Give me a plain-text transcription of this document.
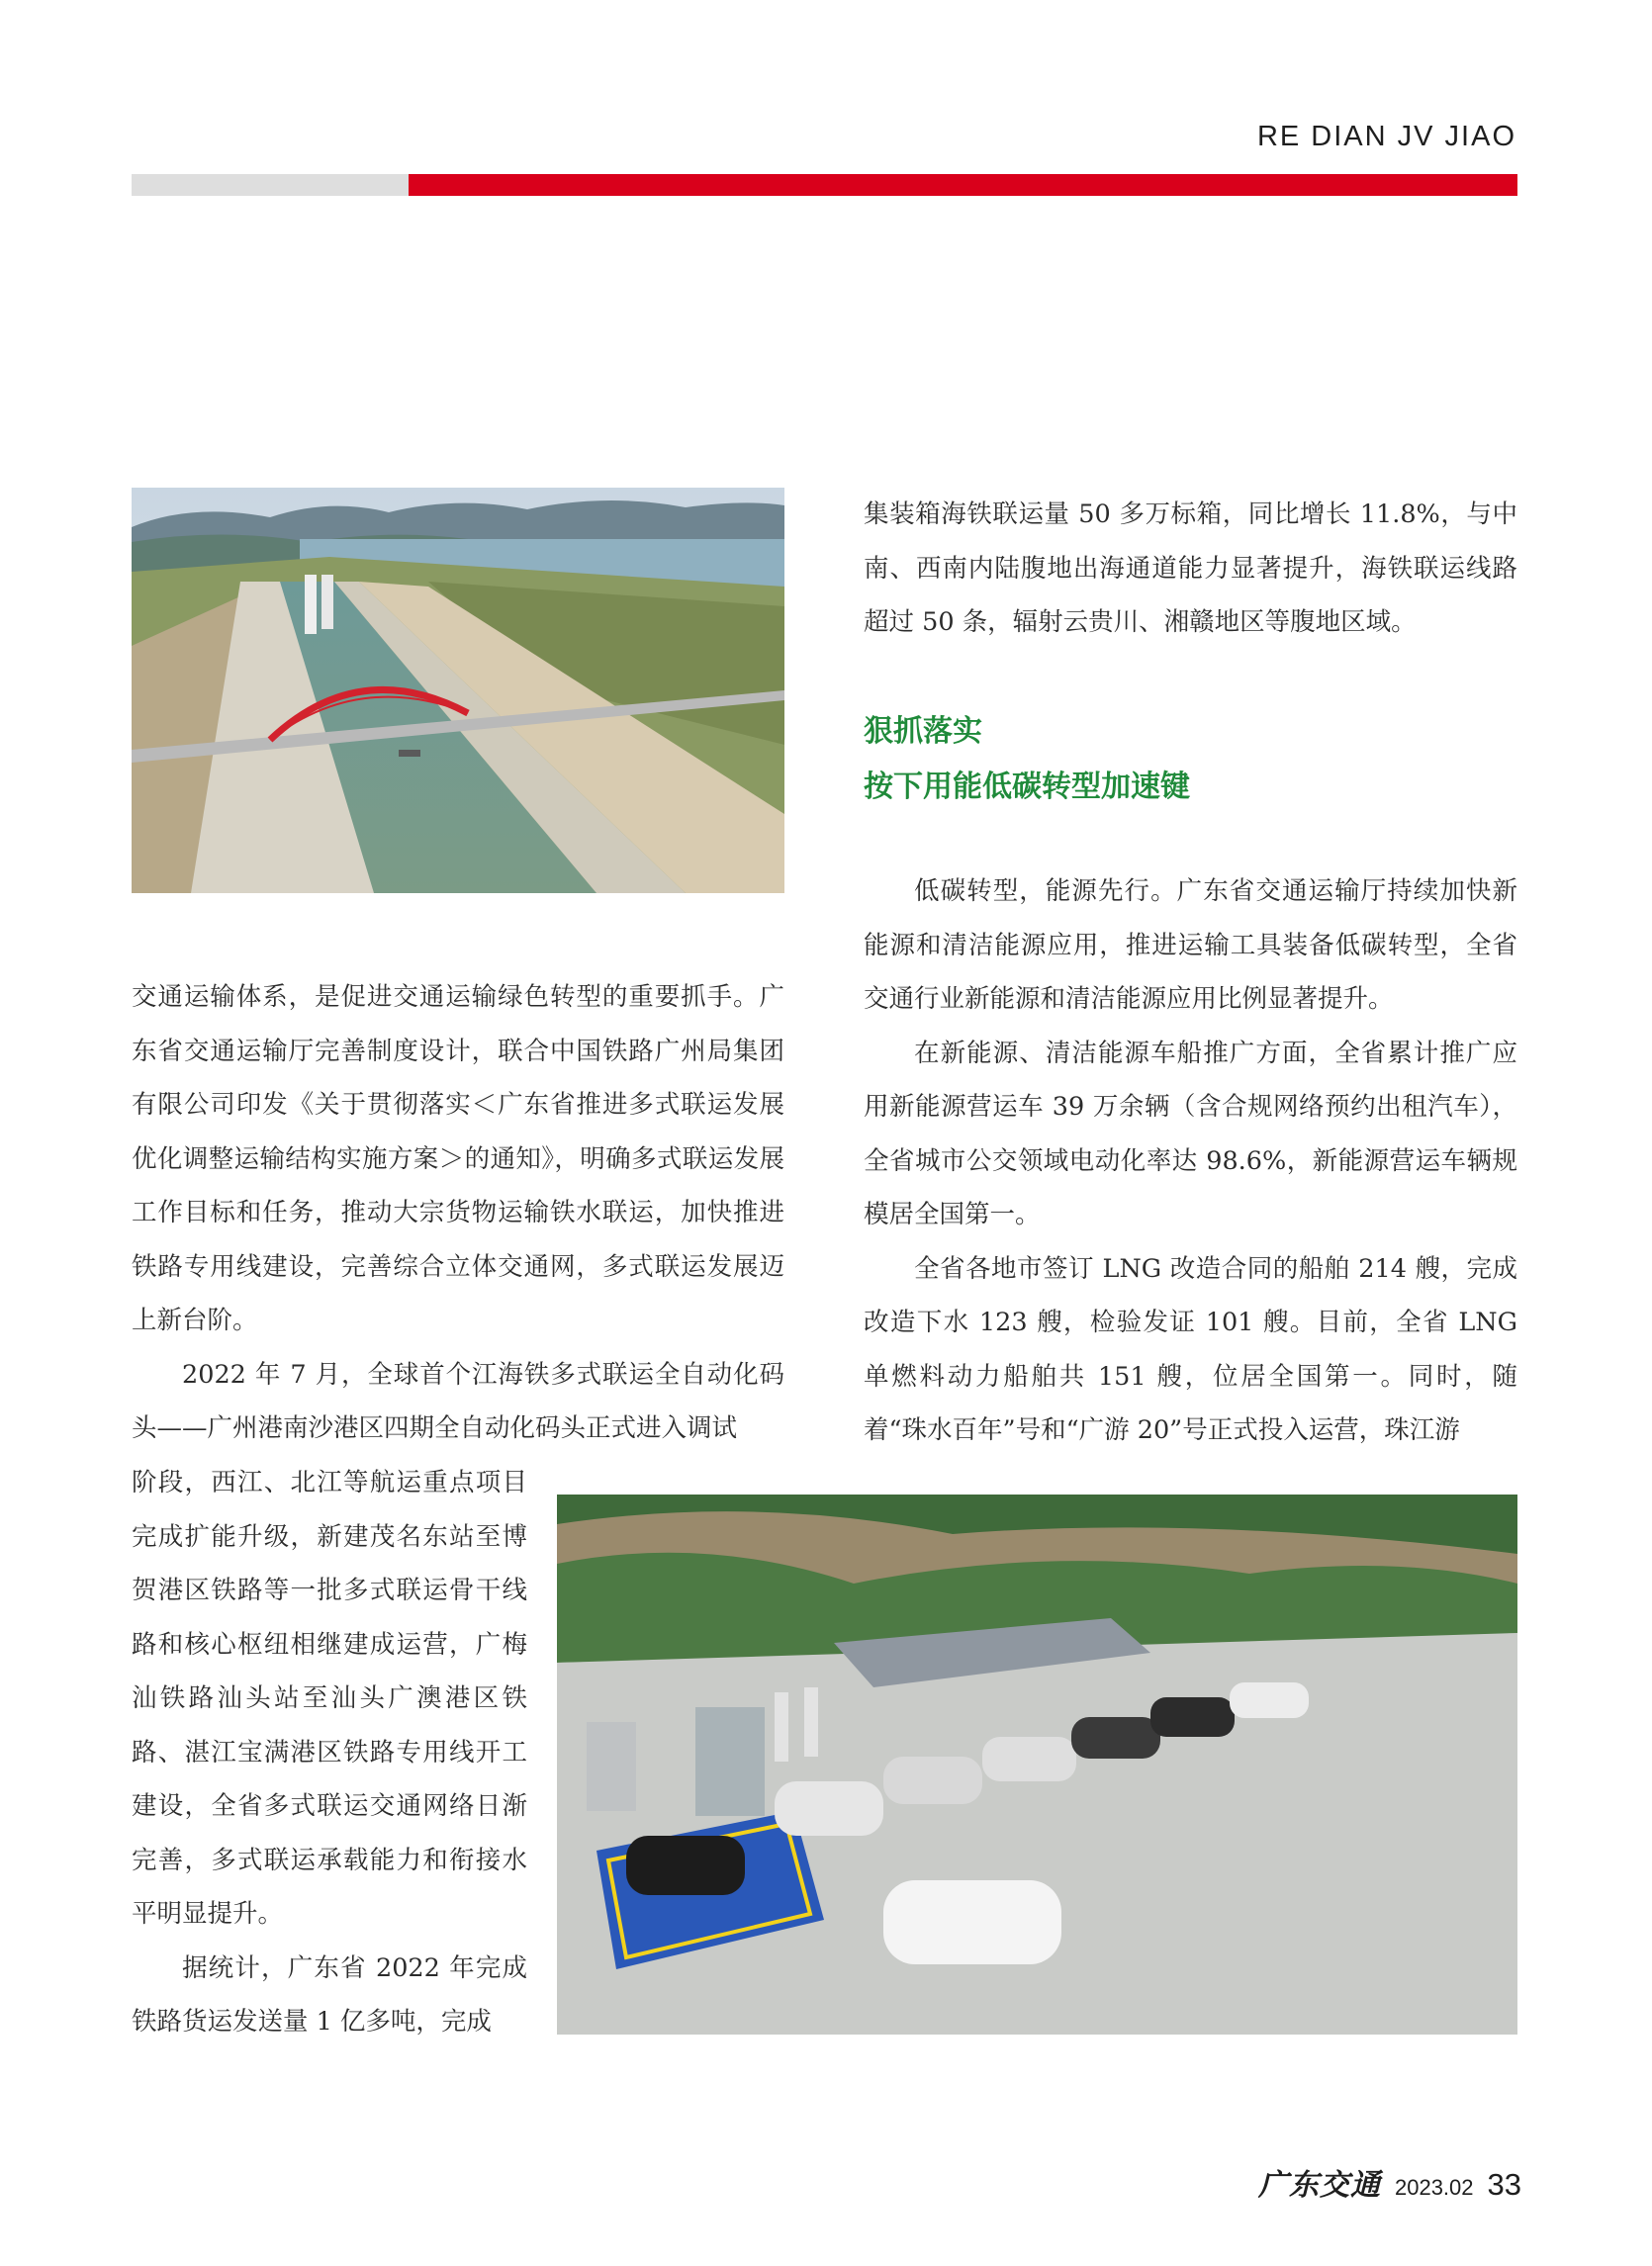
RE DIAN JV JIAO

交通运输体系，是促进交通运输绿色转型的重要抓手。广东省交通运输厅完善制度设计，联合中国铁路广州局集团有限公司印发《关于贯彻落实＜广东省推进多式联运发展优化调整运输结构实施方案＞的通知》，明确多式联运发展工作目标和任务，推动大宗货物运输铁水联运，加快推进铁路专用线建设，完善综合立体交通网，多式联运发展迈上新台阶。

2022 年 7 月，全球首个江海铁多式联运全自动化码头——广州港南沙港区四期全自动化码头正式进入调试

阶段，西江、北江等航运重点项目完成扩能升级，新建茂名东站至博贺港区铁路等一批多式联运骨干线路和核心枢纽相继建成运营，广梅汕铁路汕头站至汕头广澳港区铁路、湛江宝满港区铁路专用线开工建设，全省多式联运交通网络日渐完善，多式联运承载能力和衔接水平明显提升。

据统计，广东省 2022 年完成铁路货运发送量 1 亿多吨，完成

集装箱海铁联运量 50 多万标箱，同比增长 11.8%，与中南、西南内陆腹地出海通道能力显著提升，海铁联运线路超过 50 条，辐射云贵川、湘赣地区等腹地区域。

狠抓落实
按下用能低碳转型加速键

低碳转型，能源先行。广东省交通运输厅持续加快新能源和清洁能源应用，推进运输工具装备低碳转型，全省交通行业新能源和清洁能源应用比例显著提升。

在新能源、清洁能源车船推广方面，全省累计推广应用新能源营运车 39 万余辆（含合规网络预约出租汽车），全省城市公交领域电动化率达 98.6%，新能源营运车辆规模居全国第一。

全省各地市签订 LNG 改造合同的船舶 214 艘，完成改造下水 123 艘，检验发证 101 艘。目前，全省 LNG 单燃料动力船舶共 151 艘，位居全国第一。同时，随着“珠水百年”号和“广游 20”号正式投入运营，珠江游

广东交通 2023.02 33
